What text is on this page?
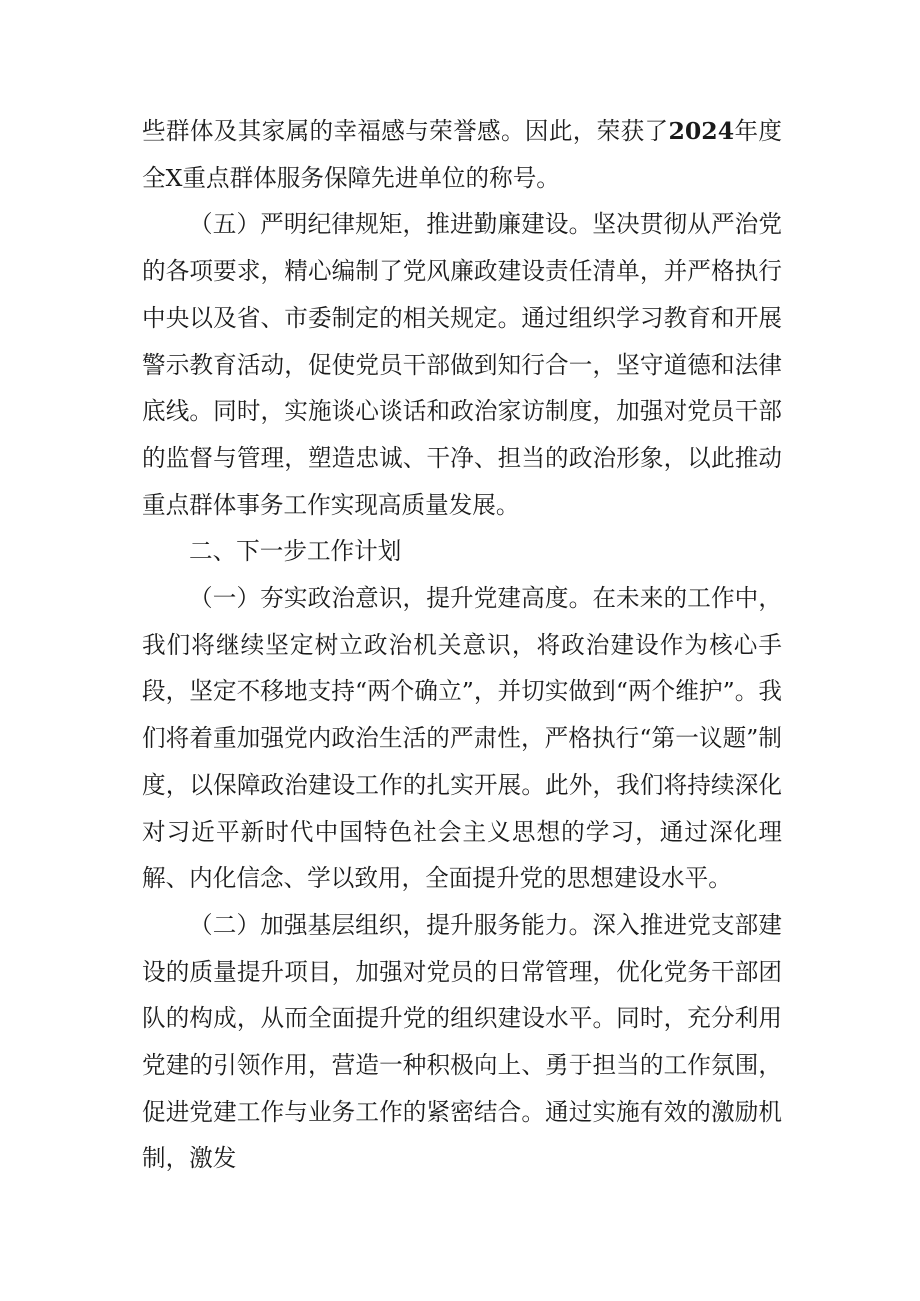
些群体及其家属的幸福感与荣誉感。因此，荣获了2024年度全X重点群体服务保障先进单位的称号。

（五）严明纪律规矩，推进勤廉建设。坚决贯彻从严治党的各项要求，精心编制了党风廉政建设责任清单，并严格执行中央以及省、市委制定的相关规定。通过组织学习教育和开展警示教育活动，促使党员干部做到知行合一，坚守道德和法律底线。同时，实施谈心谈话和政治家访制度，加强对党员干部的监督与管理，塑造忠诚、干净、担当的政治形象，以此推动重点群体事务工作实现高质量发展。

二、下一步工作计划

（一）夯实政治意识，提升党建高度。在未来的工作中，我们将继续坚定树立政治机关意识，将政治建设作为核心手段，坚定不移地支持“两个确立”，并切实做到“两个维护”。我们将着重加强党内政治生活的严肃性，严格执行“第一议题”制度，以保障政治建设工作的扎实开展。此外，我们将持续深化对习近平新时代中国特色社会主义思想的学习，通过深化理解、内化信念、学以致用，全面提升党的思想建设水平。

（二）加强基层组织，提升服务能力。深入推进党支部建设的质量提升项目，加强对党员的日常管理，优化党务干部团队的构成，从而全面提升党的组织建设水平。同时，充分利用党建的引领作用，营造一种积极向上、勇于担当的工作氛围，促进党建工作与业务工作的紧密结合。通过实施有效的激励机制，激发
